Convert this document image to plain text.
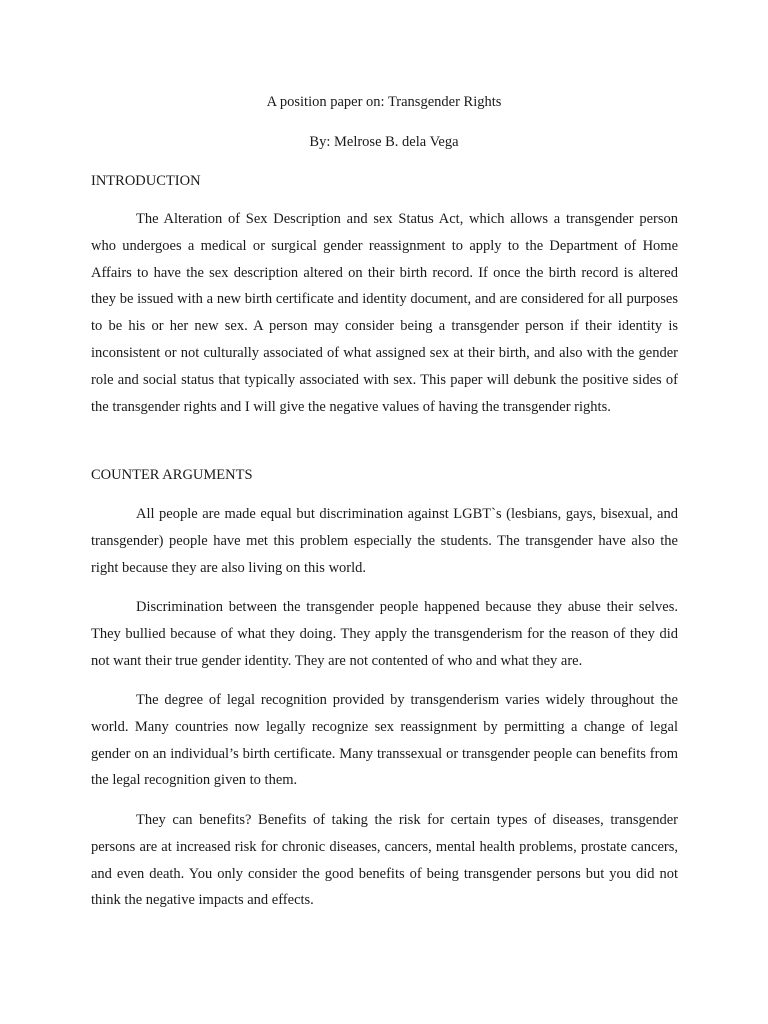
A position paper on: Transgender Rights

By: Melrose B. dela Vega

INTRODUCTION

The Alteration of Sex Description and sex Status Act, which allows a transgender person who undergoes a medical or surgical gender reassignment to apply to the Department of Home Affairs to have the sex description altered on their birth record. If once the birth record is altered they be issued with a new birth certificate and identity document, and are considered for all purposes to be his or her new sex. A person may consider being a transgender person if their identity is inconsistent or not culturally associated of what assigned sex at their birth, and also with the gender role and social status that typically associated with sex. This paper will debunk the positive sides of the transgender rights and I will give the negative values of having the transgender rights.

COUNTER ARGUMENTS

All people are made equal but discrimination against LGBT`s (lesbians, gays, bisexual, and transgender) people have met this problem especially the students. The transgender have also the right because they are also living on this world.

Discrimination between the transgender people happened because they abuse their selves. They bullied because of what they doing. They apply the transgenderism for the reason of they did not want their true gender identity. They are not contented of who and what they are.

The degree of legal recognition provided by transgenderism varies widely throughout the world. Many countries now legally recognize sex reassignment by permitting a change of legal gender on an individual’s birth certificate. Many transsexual or transgender people can benefits from the legal recognition given to them.

They can benefits? Benefits of taking the risk for certain types of diseases, transgender persons are at increased risk for chronic diseases, cancers, mental health problems, prostate cancers, and even death. You only consider the good benefits of being transgender persons but you did not think the negative impacts and effects.
